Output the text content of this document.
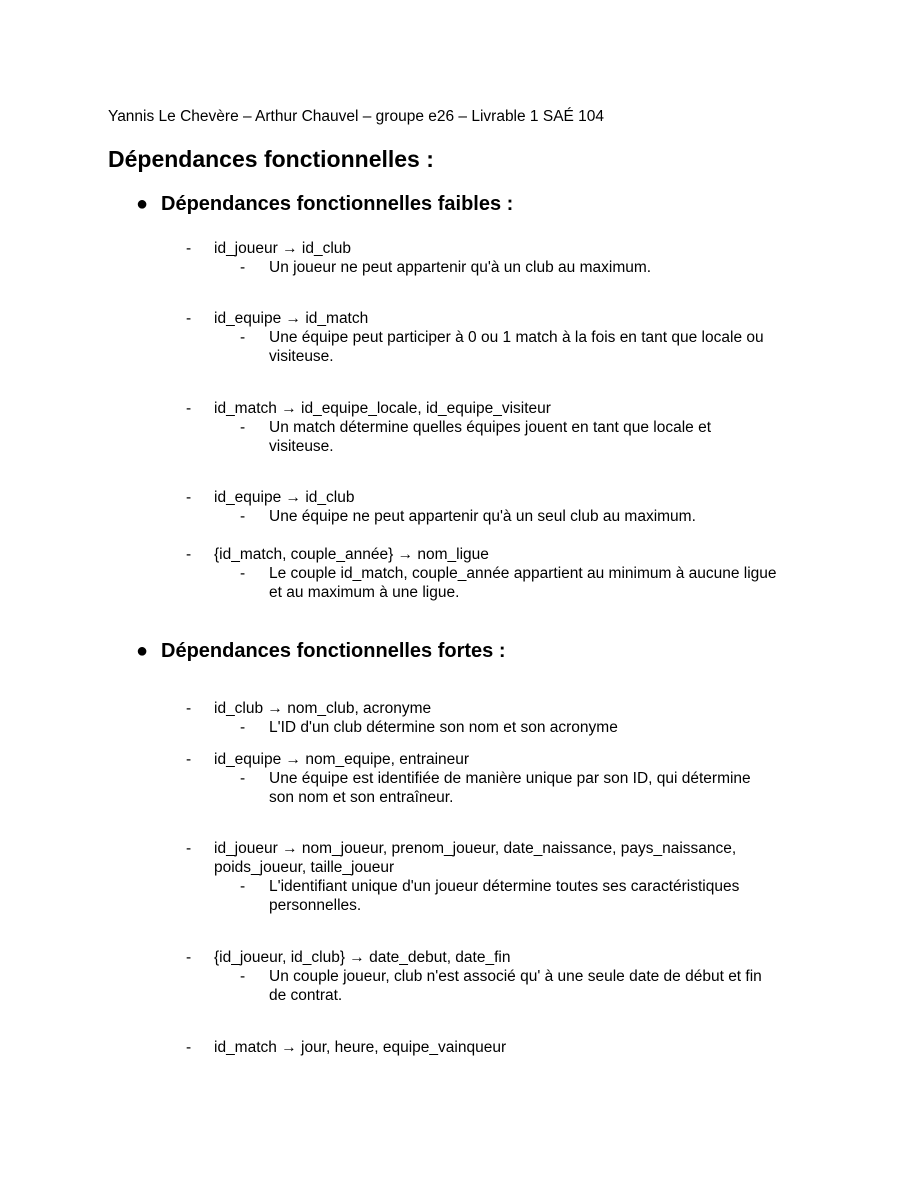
Yannis Le Chevère – Arthur Chauvel – groupe e26 – Livrable 1 SAÉ 104
Dépendances fonctionnelles :
● Dépendances fonctionnelles faibles :
- id_joueur → id_club
- Un joueur ne peut appartenir qu'à un club au maximum.
- id_equipe → id_match
- Une équipe peut participer à 0 ou 1 match à la fois en tant que locale ou
visiteuse.
- id_match → id_equipe_locale, id_equipe_visiteur
- Un match détermine quelles équipes jouent en tant que locale et
visiteuse.
- id_equipe → id_club
- Une équipe ne peut appartenir qu'à un seul club au maximum.
- {id_match, couple_année} → nom_ligue
- Le couple id_match, couple_année appartient au minimum à aucune ligue
et au maximum à une ligue.
● Dépendances fonctionnelles fortes :
- id_club → nom_club, acronyme
- L'ID d'un club détermine son nom et son acronyme
- id_equipe → nom_equipe, entraineur
- Une équipe est identifiée de manière unique par son ID, qui détermine
son nom et son entraîneur.
- id_joueur → nom_joueur, prenom_joueur, date_naissance, pays_naissance,
poids_joueur, taille_joueur
- L'identifiant unique d'un joueur détermine toutes ses caractéristiques
personnelles.
- {id_joueur, id_club} → date_debut, date_fin
- Un couple joueur, club n'est associé qu' à une seule date de début et fin
de contrat.
- id_match → jour, heure, equipe_vainqueur
